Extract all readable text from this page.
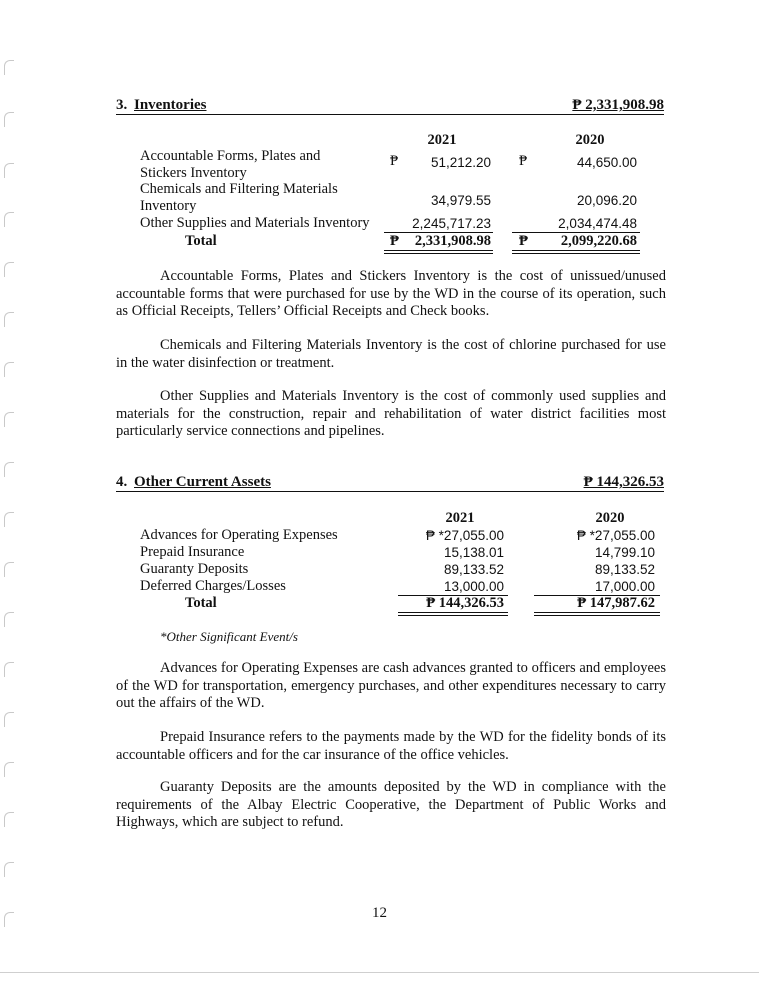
3. Inventories	₱ 2,331,908.98
2021	2020
Accountable Forms, Plates and
Stickers Inventory
₱	51,212.20 ₱	44,650.00
Chemicals and Filtering Materials
Inventory	34,979.55	20,096.20
Other Supplies and Materials Inventory	2,245,717.23	2,034,474.48
Total	₱	2,331,908.98 ₱	2,099,220.68

Accountable Forms, Plates and Stickers Inventory is the cost of unissued/unused accountable forms that were purchased for use by the WD in the course of its operation, such as Official Receipts, Tellers’ Official Receipts and Check books.

Chemicals and Filtering Materials Inventory is the cost of chlorine purchased for use in the water disinfection or treatment.

Other Supplies and Materials Inventory is the cost of commonly used supplies and materials for the construction, repair and rehabilitation of water district facilities most particularly service connections and pipelines.

4. Other Current Assets	₱ 144,326.53
2021	2020
Advances for Operating Expenses	₱ *27,055.00	₱ *27,055.00
Prepaid Insurance	15,138.01	14,799.10
Guaranty Deposits	89,133.52	89,133.52
Deferred Charges/Losses	13,000.00	17,000.00
Total	₱ 144,326.53	₱ 147,987.62
*Other Significant Event/s

Advances for Operating Expenses are cash advances granted to officers and employees of the WD for transportation, emergency purchases, and other expenditures necessary to carry out the affairs of the WD.

Prepaid Insurance refers to the payments made by the WD for the fidelity bonds of its accountable officers and for the car insurance of the office vehicles.

Guaranty Deposits are the amounts deposited by the WD in compliance with the requirements of the Albay Electric Cooperative, the Department of Public Works and Highways, which are subject to refund.

12
